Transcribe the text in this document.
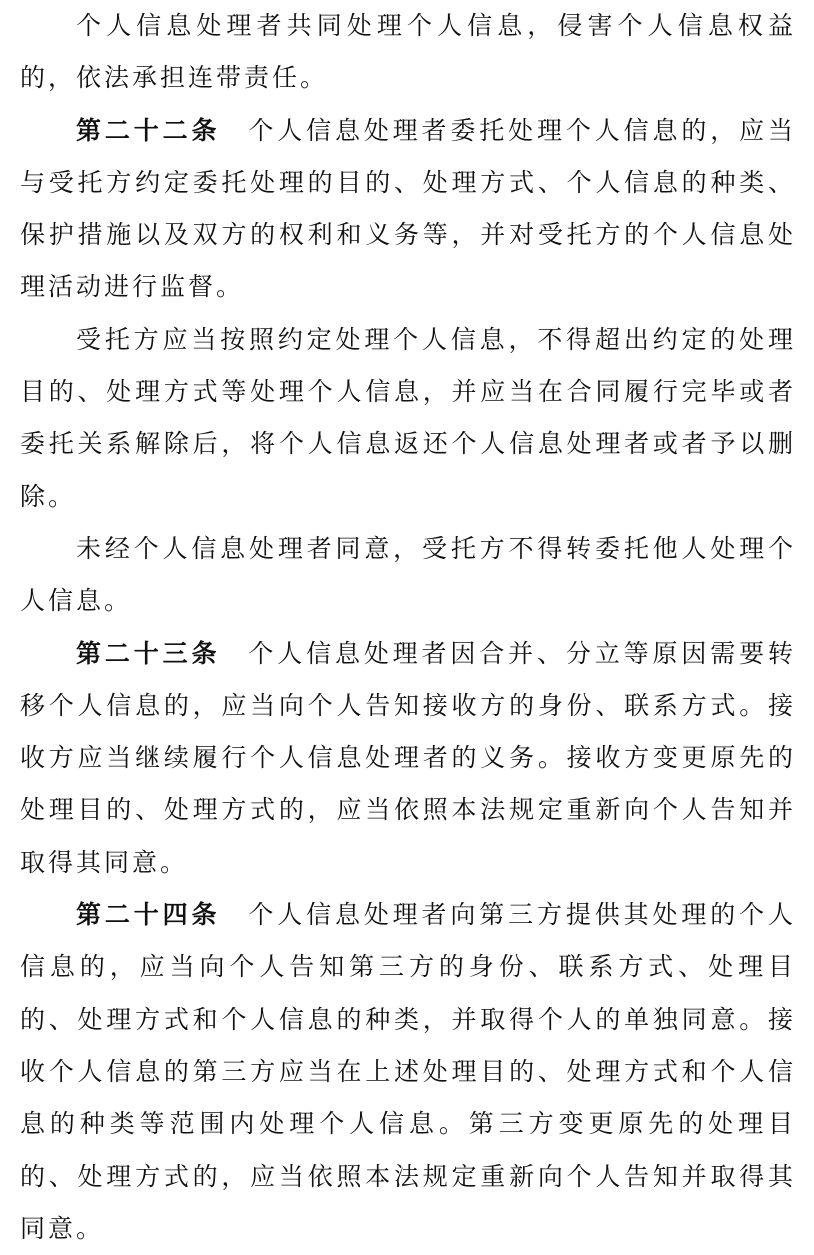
个人信息处理者共同处理个人信息，侵害个人信息权益的，依法承担连带责任。

第二十二条 个人信息处理者委托处理个人信息的，应当与受托方约定委托处理的目的、处理方式、个人信息的种类、保护措施以及双方的权利和义务等，并对受托方的个人信息处理活动进行监督。

受托方应当按照约定处理个人信息，不得超出约定的处理目的、处理方式等处理个人信息，并应当在合同履行完毕或者委托关系解除后，将个人信息返还个人信息处理者或者予以删除。

未经个人信息处理者同意，受托方不得转委托他人处理个人信息。

第二十三条 个人信息处理者因合并、分立等原因需要转移个人信息的，应当向个人告知接收方的身份、联系方式。接收方应当继续履行个人信息处理者的义务。接收方变更原先的处理目的、处理方式的，应当依照本法规定重新向个人告知并取得其同意。

第二十四条 个人信息处理者向第三方提供其处理的个人信息的，应当向个人告知第三方的身份、联系方式、处理目的、处理方式和个人信息的种类，并取得个人的单独同意。接收个人信息的第三方应当在上述处理目的、处理方式和个人信息的种类等范围内处理个人信息。第三方变更原先的处理目的、处理方式的，应当依照本法规定重新向个人告知并取得其同意。
